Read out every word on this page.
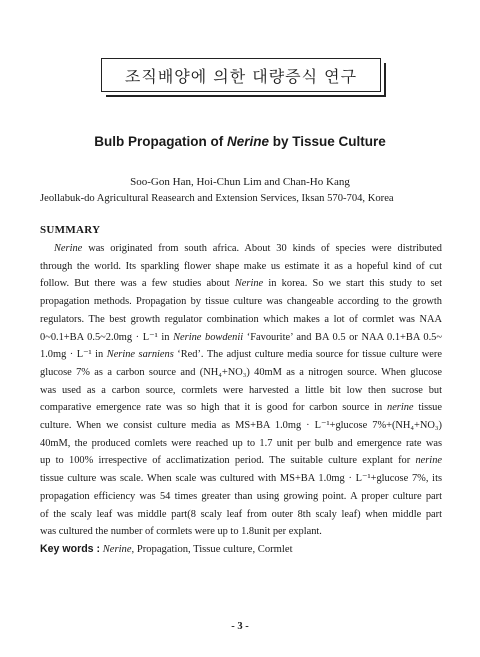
조직배양에 의한 대량증식 연구
Bulb Propagation of Nerine by Tissue Culture
Soo-Gon Han, Hoi-Chun Lim and Chan-Ho Kang
Jeollabuk-do Agricultural Reasearch and Extension Services, Iksan 570-704, Korea
SUMMARY
Nerine was originated from south africa. About 30 kinds of species were distributed
through the world. Its sparkling flower shape make us estimate it as a hopeful kind of cut
follow. But there was a few studies about Nerine in korea. So we start this study to set
propagation methods. Propagation by tissue culture was changeable according to the growth
regulators. The best growth regulator combination which makes a lot of cormlet was NAA
0~0.1+BA 0.5~2.0mg · L⁻¹ in Nerine bowdenii ‘Favourite’ and BA 0.5 or NAA 0.1+BA 0.5~
1.0mg · L⁻¹ in Nerine sarniens ‘Red’. The adjust culture media source for tissue culture were
glucose 7% as a carbon source and (NH₄+NO₃) 40mM as a nitrogen source. When glucose
was used as a carbon source, cormlets were harvested a little bit low then sucrose but
comparative emergence rate was so high that it is good for carbon source in nerine tissue
culture. When we consist culture media as MS+BA 1.0mg · L⁻¹+glucose 7%+(NH₄+NO₃)
40mM, the produced comlets were reached up to 1.7 unit per bulb and emergence rate was
up to 100% irrespective of acclimatization period. The suitable culture explant for nerine
tissue culture was scale. When scale was cultured with MS+BA 1.0mg · L⁻¹+glucose 7%, its
propagation efficiency was 54 times greater than using growing point. A proper culture part
of the scaly leaf was middle part(8 scaly leaf from outer 8th scaly leaf) when middle part
was cultured the number of cormlets were up to 1.8unit per explant.
Key words : Nerine, Propagation, Tissue culture, Cormlet
- 3 -
